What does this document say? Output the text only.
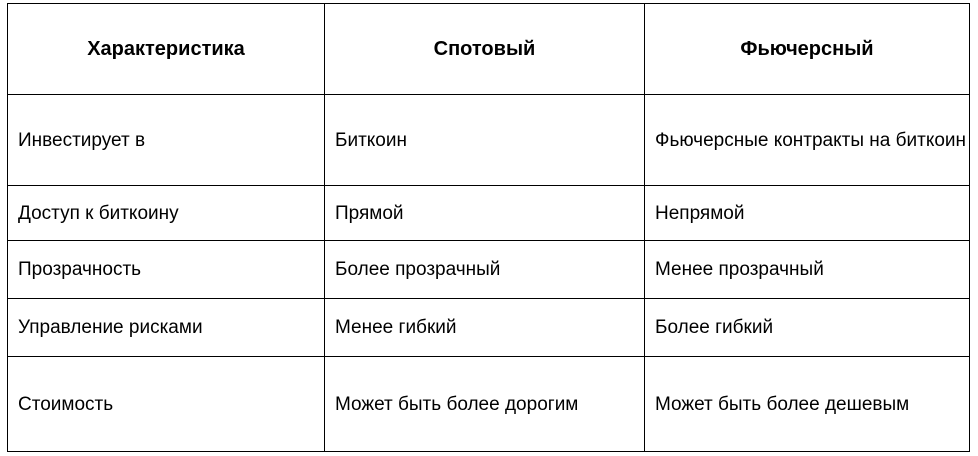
Характеристика	Спотовый	Фьючерсный
Инвестирует в	Биткоин	Фьючерсные контракты на биткоин
Доступ к биткоину	Прямой	Непрямой
Прозрачность	Более прозрачный	Менее прозрачный
Управление рисками	Менее гибкий	Более гибкий
Стоимость	Может быть более дорогим	Может быть более дешевым
